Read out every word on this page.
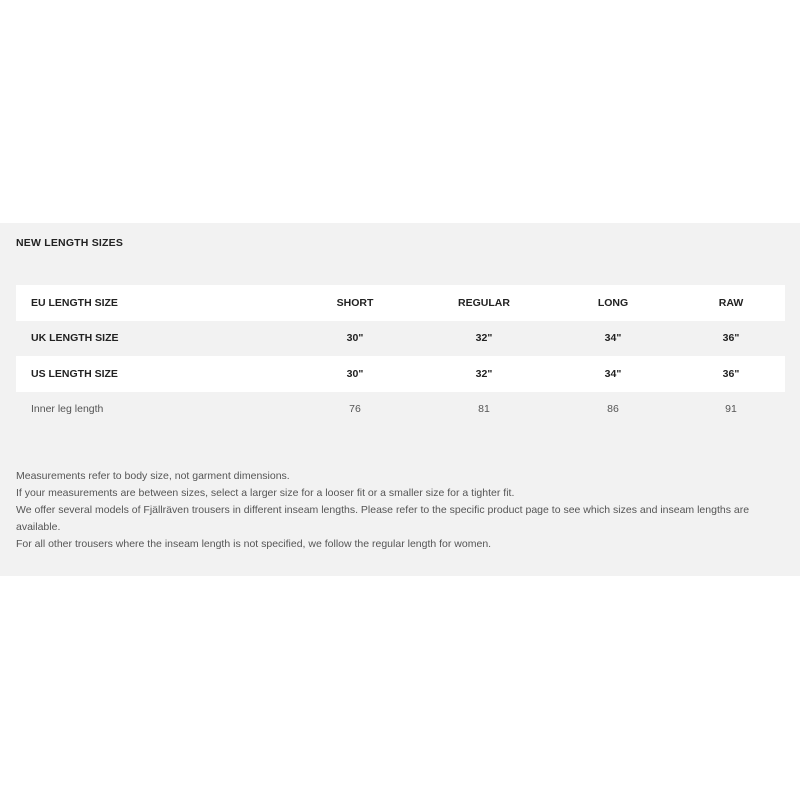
NEW LENGTH SIZES
EU LENGTH SIZE	SHORT	REGULAR	LONG	RAW
UK LENGTH SIZE	30"	32"	34"	36"
US LENGTH SIZE	30"	32"	34"	36"
Inner leg length	76	81	86	91

Measurements refer to body size, not garment dimensions.

If your measurements are between sizes, select a larger size for a looser fit or a smaller size for a tighter fit.

We offer several models of Fjällräven trousers in different inseam lengths. Please refer to the specific product page to see which sizes and inseam lengths are available.

For all other trousers where the inseam length is not specified, we follow the regular length for women.
